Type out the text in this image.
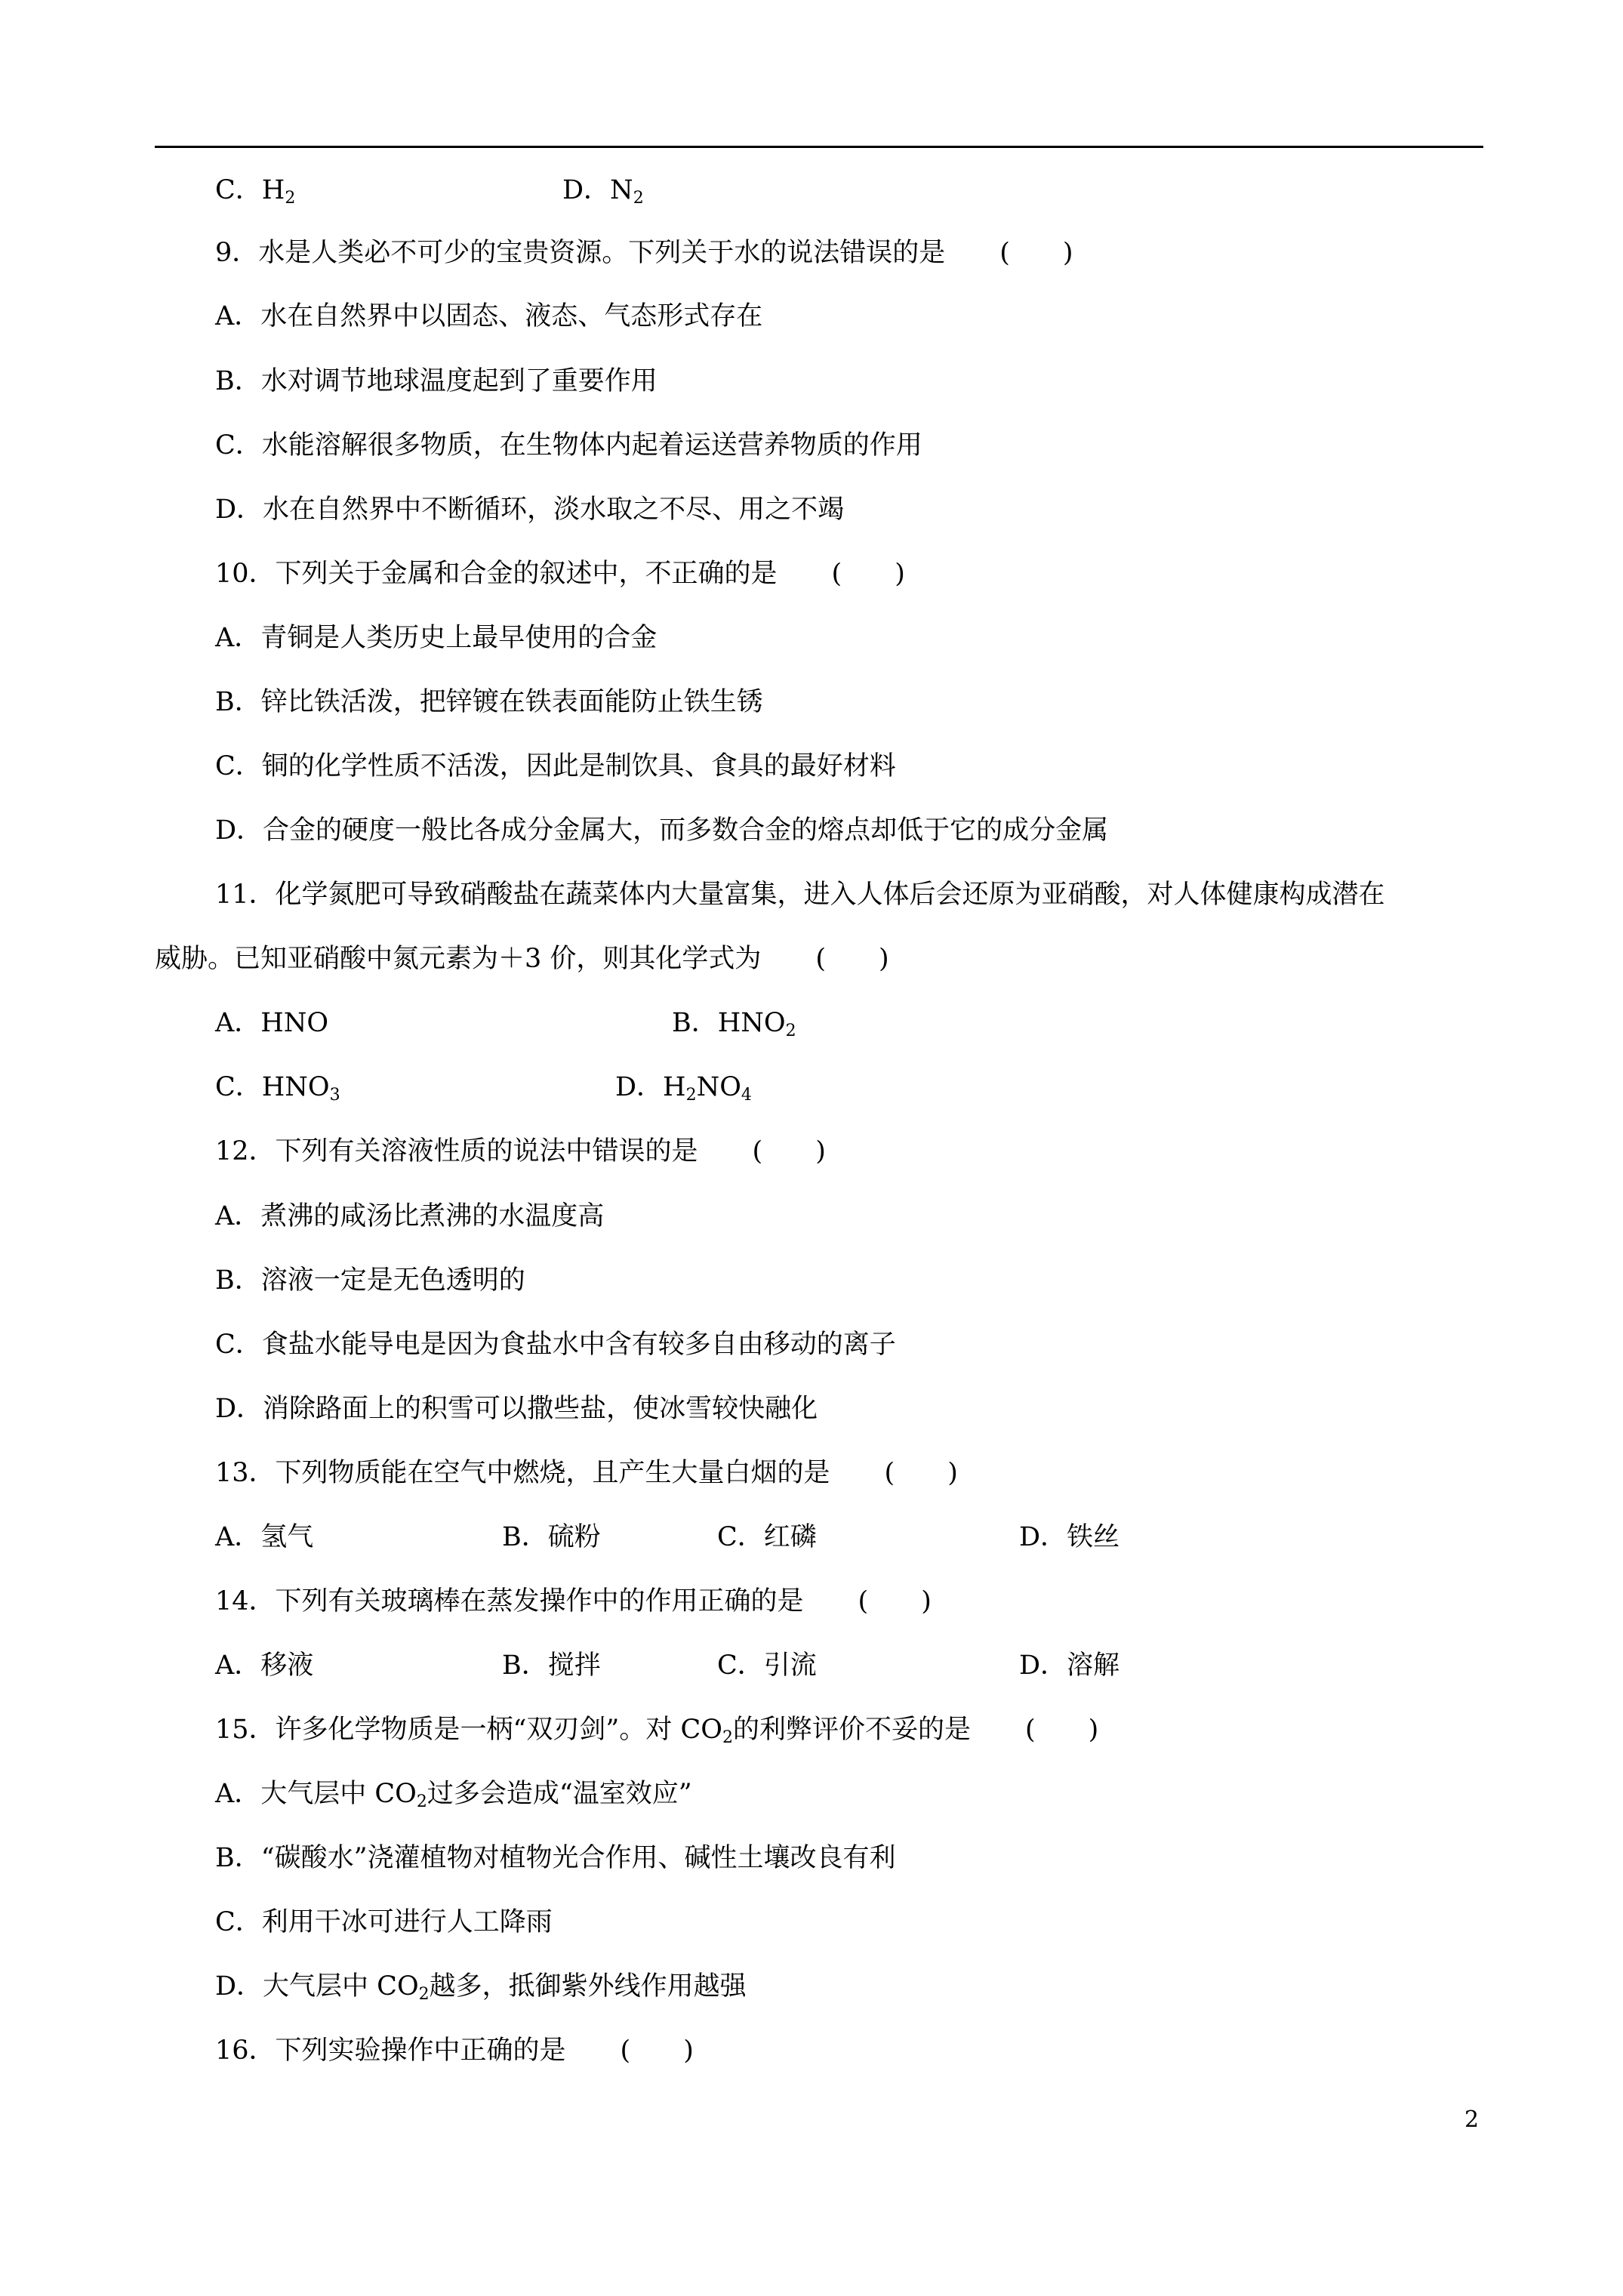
C．$H_2$	D．$N_2$
9．水是人类必不可少的宝贵资源。下列关于水的说法错误的是 (　　)
A．水在自然界中以固态、液态、气态形式存在
B．水对调节地球温度起到了重要作用
C．水能溶解很多物质，在生物体内起着运送营养物质的作用
D．水在自然界中不断循环，淡水取之不尽、用之不竭
10．下列关于金属和合金的叙述中，不正确的是 (　　)
A．青铜是人类历史上最早使用的合金
B．锌比铁活泼，把锌镀在铁表面能防止铁生锈
C．铜的化学性质不活泼，因此是制饮具、食具的最好材料
D．合金的硬度一般比各成分金属大，而多数合金的熔点却低于它的成分金属
11．化学氮肥可导致硝酸盐在蔬菜体内大量富集，进入人体后会还原为亚硝酸，对人体健康构成潜在
威胁。已知亚硝酸中氮元素为＋3 价，则其化学式为 (　　)
A．HNO	B．$HNO_2$
C．$HNO_3$	D．$H_2NO_4$
12．下列有关溶液性质的说法中错误的是 (　　)
A．煮沸的咸汤比煮沸的水温度高
B．溶液一定是无色透明的
C．食盐水能导电是因为食盐水中含有较多自由移动的离子
D．消除路面上的积雪可以撒些盐，使冰雪较快融化
13．下列物质能在空气中燃烧，且产生大量白烟的是 (　　)
A．氢气	B．硫粉	C．红磷	D．铁丝
14．下列有关玻璃棒在蒸发操作中的作用正确的是 (　　)
A．移液	B．搅拌	C．引流	D．溶解
15．许多化学物质是一柄“双刃剑”。对 $CO_2$的利弊评价不妥的是 (　　)
A．大气层中 $CO_2$过多会造成“温室效应”
B．“碳酸水”浇灌植物对植物光合作用、碱性土壤改良有利
C．利用干冰可进行人工降雨
D．大气层中 $CO_2$越多，抵御紫外线作用越强
16．下列实验操作中正确的是 (　　)
2
